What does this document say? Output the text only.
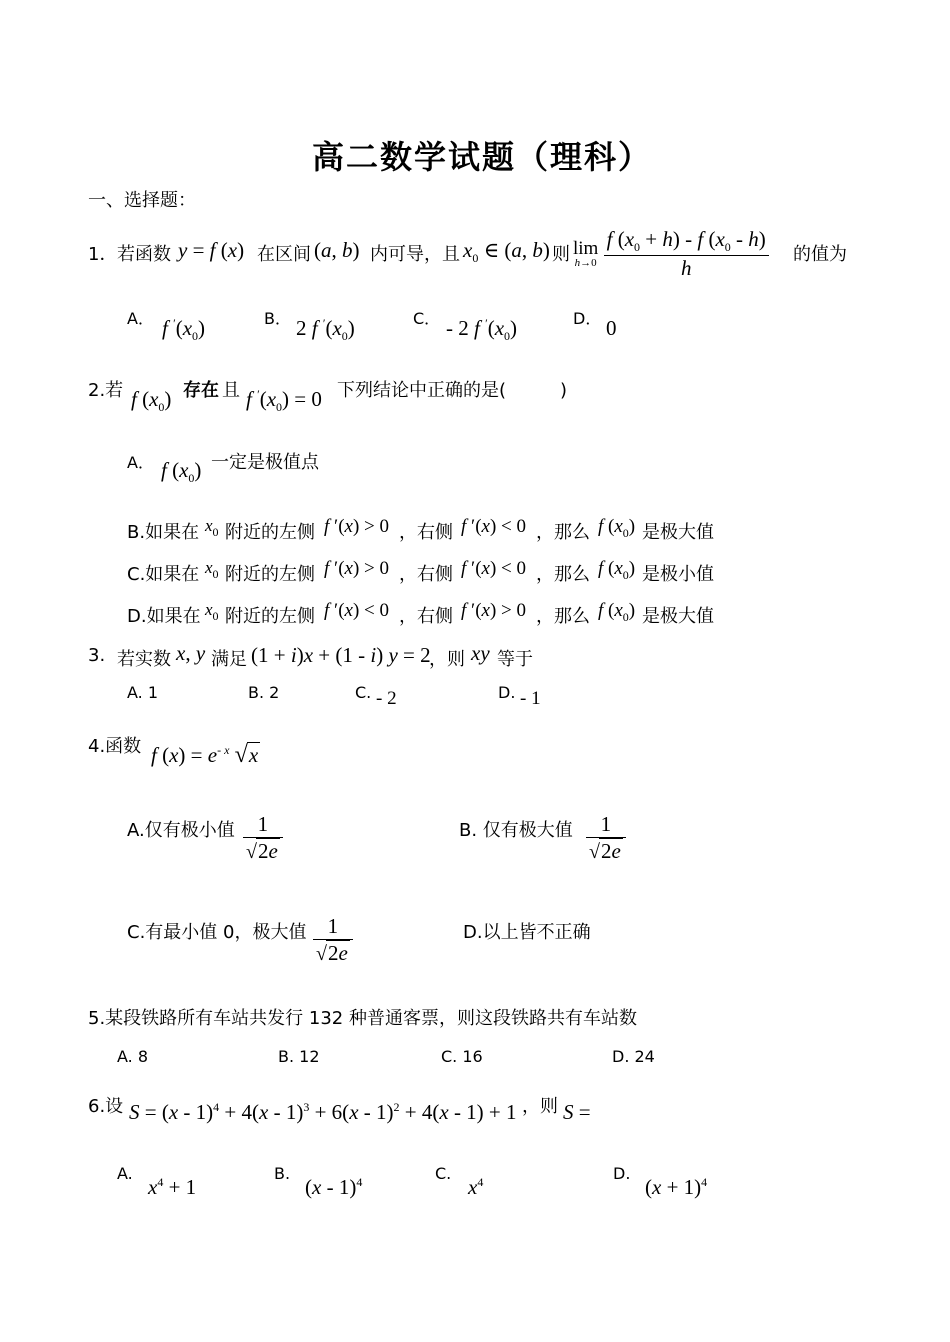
高二数学试题（理科）
一、选择题：
1． 若函数 y = f (x) 在区间 (a, b) 内可导，且 $x_0$ ∈ (a, b) 则 lim
h→0
$\frac{f (x_0 + h) - f (x_0 - h)}{h}$ 的值为
A． f $'(x_0)$	B． 2 f $'(x_0)$	C． - 2 f $'(x_0)$	D． 0
2.若 f $(x_0)$ 存在 且 f $'(x_0) = 0$ 下列结论中正确的是(　　　)
A． f $(x_0)$ 一定是极值点
B.如果在 $x_0$ 附近的左侧 f ′(x) > 0 ，右侧 f ′(x) < 0 ，那么 f $(x_0)$ 是极大值
C.如果在 $x_0$ 附近的左侧 f ′(x) > 0 ，右侧 f ′(x) < 0 ，那么 f $(x_0)$ 是极小值
D.如果在 $x_0$ 附近的左侧 f ′(x) < 0 ，右侧 f ′(x) > 0 ，那么 f $(x_0)$ 是极大值
3. 若实数 x, y 满足 (1 + i)x + (1 - i) y = 2
，则 xy 等于
A. 1	B. 2	C. - 2	D. - 1
4.函数 f $(x) = e^{- x}$ √x
A.仅有极小值 $\frac{1}{√2e}$	B. 仅有极大值 $\frac{1}{√2e}$
C.有最小值 0，极大值 $\frac{1}{√2e}$	D.以上皆不正确
5.某段铁路所有车站共发行 132 种普通客票，则这段铁路共有车站数
A. 8	B. 12	C. 16	D. 24
6.设 S = (x - 1)$^4$ + 4(x - 1)$^3$ + 6(x - 1)$^2$ + 4(x - 1) + 1 ，则 S =
A.
$x^4 + 1$
B.
(x - 1)$^4$	C.
$x^4$	D.
$(x + 1)^4$
